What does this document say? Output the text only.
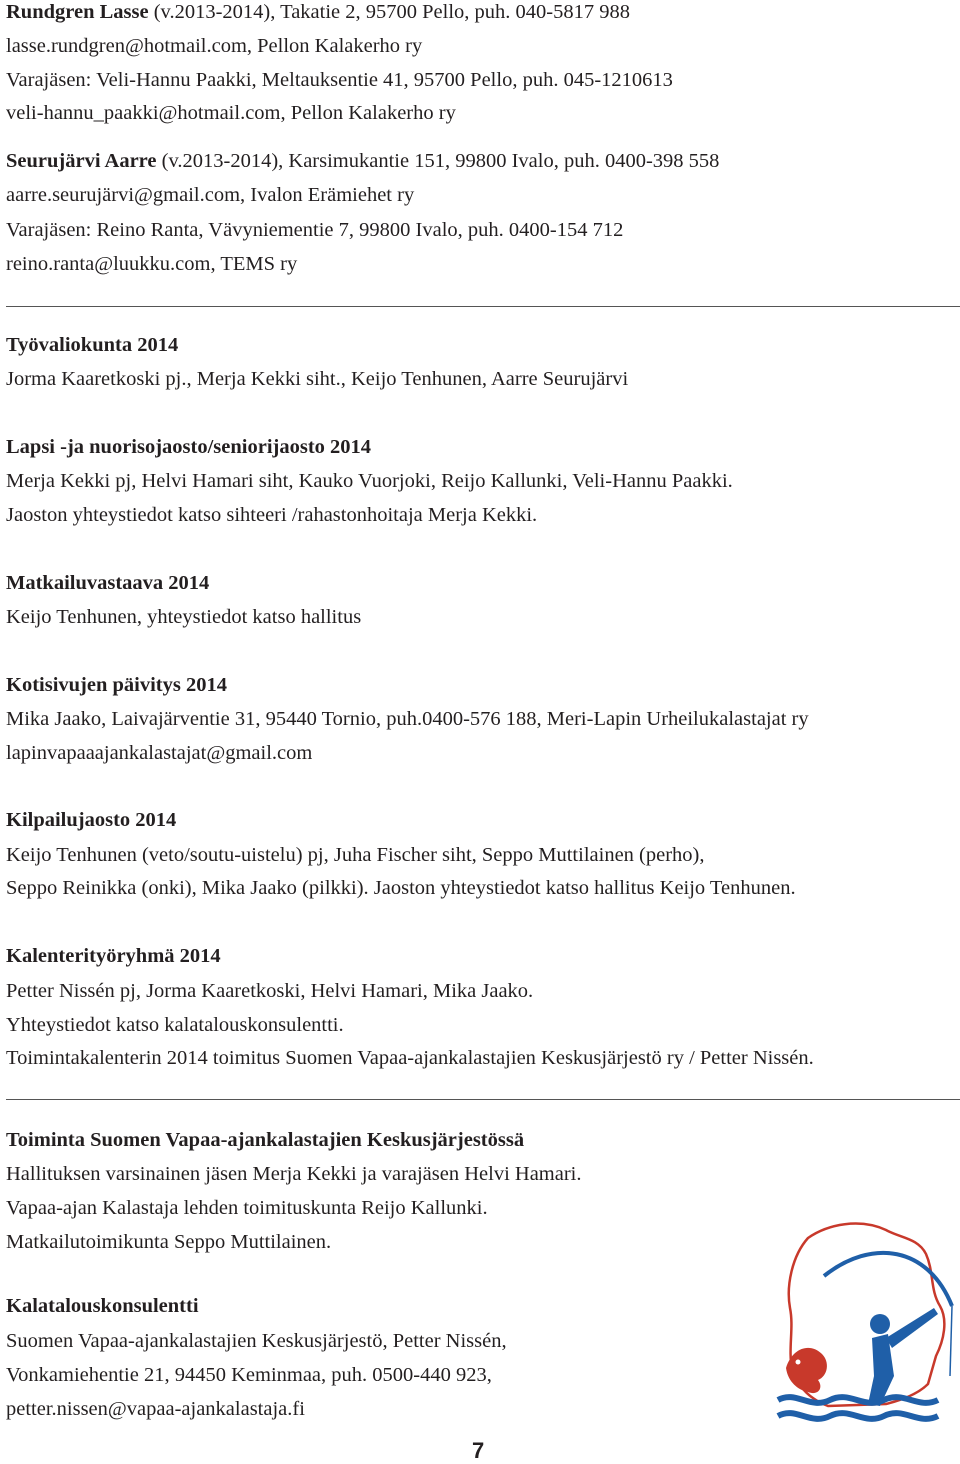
Rundgren Lasse (v.2013-2014), Takatie 2, 95700 Pello, puh. 040-5817 988
lasse.rundgren@hotmail.com, Pellon Kalakerho ry
Varajäsen: Veli-Hannu Paakki, Meltauksentie 41, 95700 Pello, puh. 045-1210613
veli-hannu_paakki@hotmail.com, Pellon Kalakerho ry
Seurujärvi Aarre (v.2013-2014), Karsimukantie 151, 99800 Ivalo, puh. 0400-398 558
aarre.seurujärvi@gmail.com, Ivalon Erämiehet ry
Varajäsen: Reino Ranta, Vävyniementie 7, 99800 Ivalo, puh. 0400-154 712
reino.ranta@luukku.com, TEMS ry
Työvaliokunta 2014
Jorma Kaaretkoski pj., Merja Kekki siht., Keijo Tenhunen, Aarre Seurujärvi
Lapsi -ja nuorisojaosto/seniorijaosto 2014
Merja Kekki pj, Helvi Hamari siht, Kauko Vuorjoki, Reijo Kallunki, Veli-Hannu Paakki.
Jaoston yhteystiedot katso sihteeri /rahastonhoitaja Merja Kekki.
Matkailuvastaava 2014
Keijo Tenhunen, yhteystiedot katso hallitus
Kotisivujen päivitys 2014
Mika Jaako, Laivajärventie 31, 95440 Tornio, puh.0400-576 188, Meri-Lapin Urheilukalastajat ry
lapinvapaaajankalastajat@gmail.com
Kilpailujaosto 2014
Keijo Tenhunen (veto/soutu-uistelu) pj, Juha Fischer siht, Seppo Muttilainen (perho),
Seppo Reinikka (onki), Mika Jaako (pilkki). Jaoston yhteystiedot katso hallitus Keijo Tenhunen.
Kalenterityöryhmä 2014
Petter Nissén pj, Jorma Kaaretkoski, Helvi Hamari, Mika Jaako.
Yhteystiedot katso kalatalouskonsulentti.
Toimintakalenterin 2014 toimitus Suomen Vapaa-ajankalastajien Keskusjärjestö ry / Petter Nissén.
Toiminta Suomen Vapaa-ajankalastajien Keskusjärjestössä
Hallituksen varsinainen jäsen Merja Kekki ja varajäsen Helvi Hamari.
Vapaa-ajan Kalastaja lehden toimituskunta Reijo Kallunki.
Matkailutoimikunta Seppo Muttilainen.
Kalatalouskonsulentti
Suomen Vapaa-ajankalastajien Keskusjärjestö, Petter Nissén,
Vonkamiehentie 21, 94450 Keminmaa, puh. 0500-440 923,
petter.nissen@vapaa-ajankalastaja.fi
7
